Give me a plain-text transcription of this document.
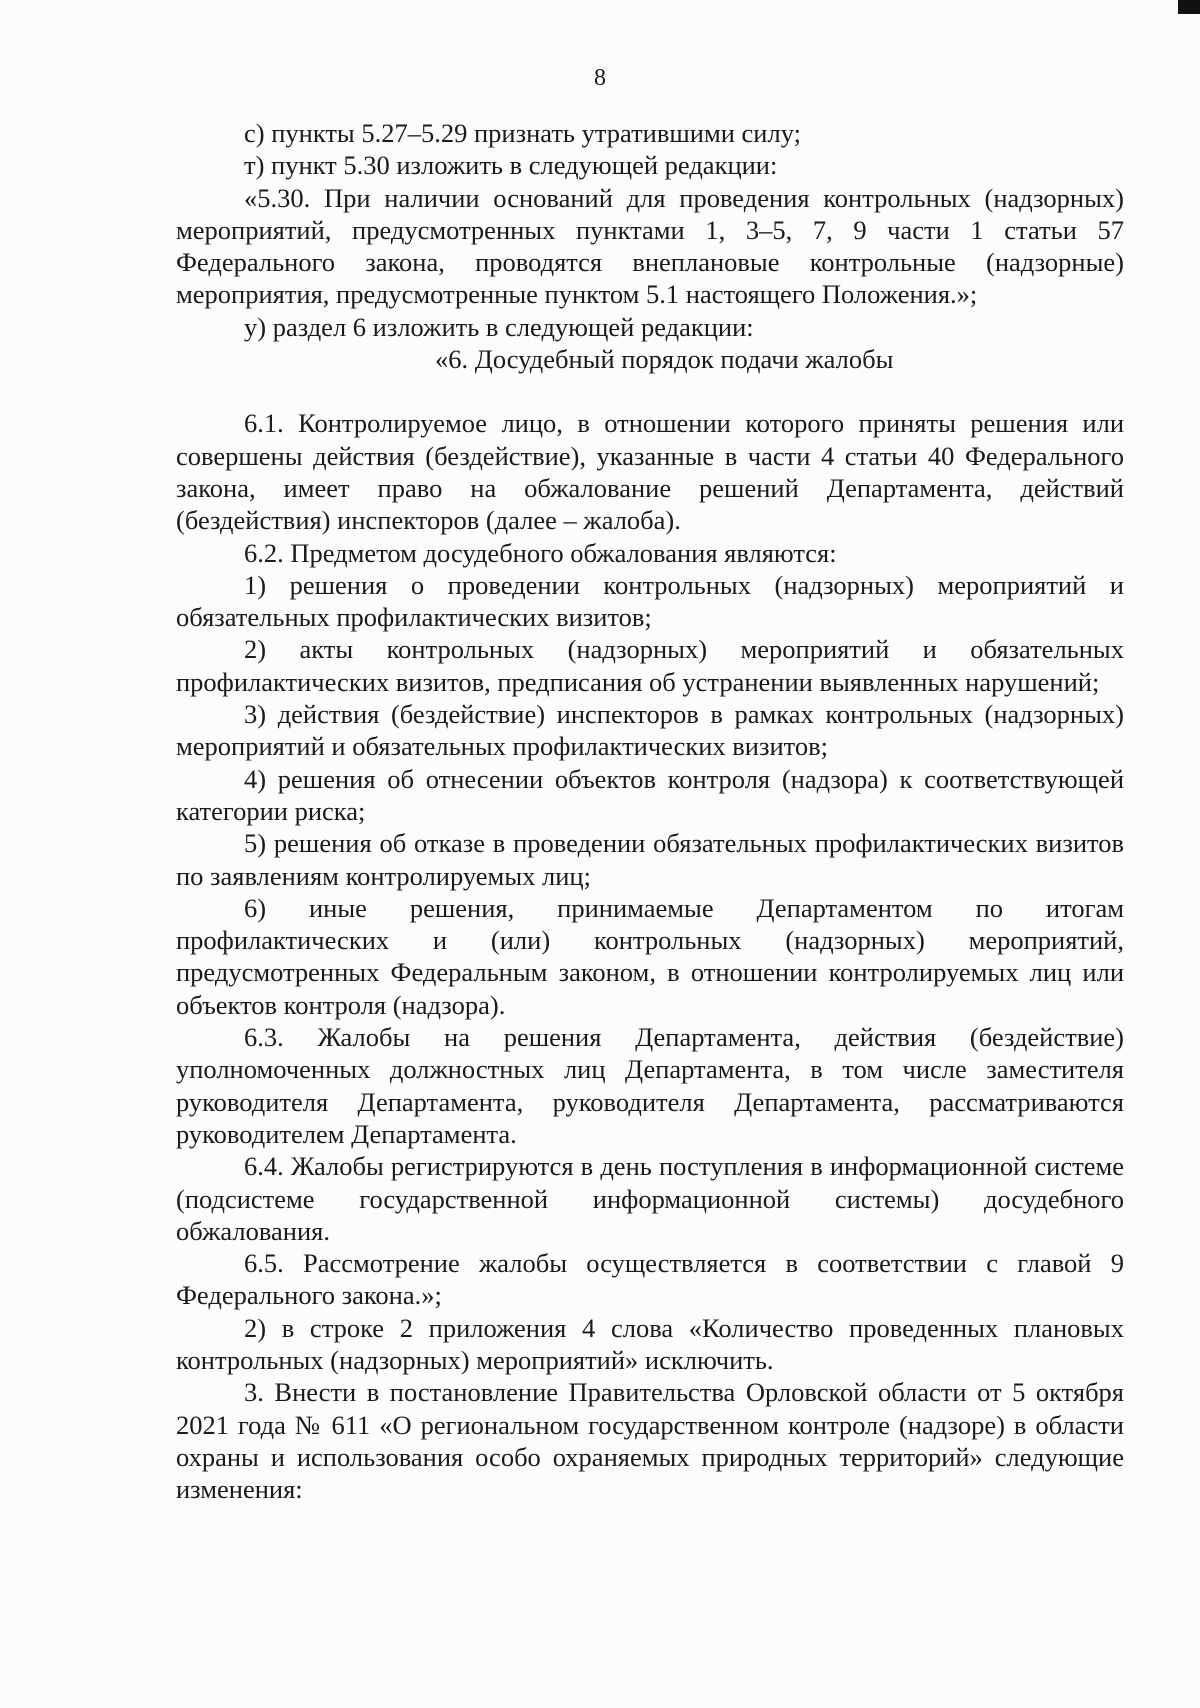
8

с) пункты 5.27–5.29 признать утратившими силу;

т) пункт 5.30 изложить в следующей редакции:

«5.30. При наличии оснований для проведения контрольных (надзорных) мероприятий, предусмотренных пунктами 1, 3–5, 7, 9 части 1 статьи 57 Федерального закона, проводятся внеплановые контрольные (надзорные) мероприятия, предусмотренные пунктом 5.1 настоящего Положения.»;

у) раздел 6 изложить в следующей редакции:

«6. Досудебный порядок подачи жалобы

6.1. Контролируемое лицо, в отношении которого приняты решения или совершены действия (бездействие), указанные в части 4 статьи 40 Федерального закона, имеет право на обжалование решений Департамента, действий (бездействия) инспекторов (далее – жалоба).

6.2. Предметом досудебного обжалования являются:

1) решения о проведении контрольных (надзорных) мероприятий и обязательных профилактических визитов;

2) акты контрольных (надзорных) мероприятий и обязательных профилактических визитов, предписания об устранении выявленных нарушений;

3) действия (бездействие) инспекторов в рамках контрольных (надзорных) мероприятий и обязательных профилактических визитов;

4) решения об отнесении объектов контроля (надзора) к соответствующей категории риска;

5) решения об отказе в проведении обязательных профилактических визитов по заявлениям контролируемых лиц;

6) иные решения, принимаемые Департаментом по итогам профилактических и (или) контрольных (надзорных) мероприятий, предусмотренных Федеральным законом, в отношении контролируемых лиц или объектов контроля (надзора).

6.3. Жалобы на решения Департамента, действия (бездействие) уполномоченных должностных лиц Департамента, в том числе заместителя руководителя Департамента, руководителя Департамента, рассматриваются руководителем Департамента.

6.4. Жалобы регистрируются в день поступления в информационной системе (подсистеме государственной информационной системы) досудебного обжалования.

6.5. Рассмотрение жалобы осуществляется в соответствии с главой 9 Федерального закона.»;

2) в строке 2 приложения 4 слова «Количество проведенных плановых контрольных (надзорных) мероприятий» исключить.

3. Внести в постановление Правительства Орловской области от 5 октября 2021 года № 611 «О региональном государственном контроле (надзоре) в области охраны и использования особо охраняемых природных территорий» следующие изменения:
